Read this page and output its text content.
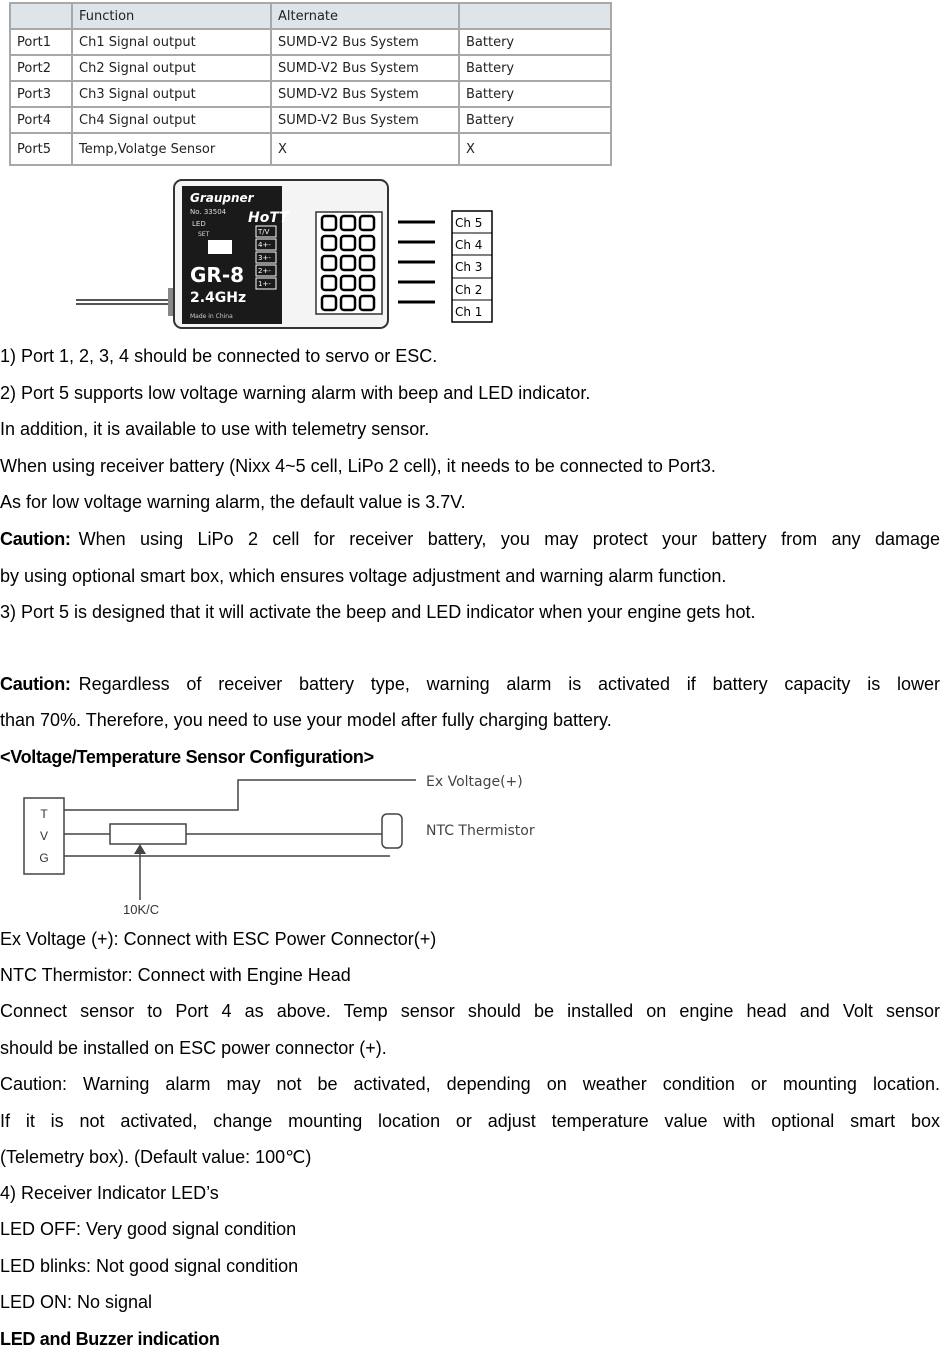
	Function	Alternate	
Port1	Ch1 Signal output	SUMD-V2 Bus System	Battery
Port2	Ch2 Signal output	SUMD-V2 Bus System	Battery
Port3	Ch3 Signal output	SUMD-V2 Bus System	Battery
Port4	Ch4 Signal output	SUMD-V2 Bus System	Battery
Port5	Temp,Volatge Sensor	X	X
Graupner
No. 33504 HoTT
LED
SET
GR-8
2.4GHz
Made in China
T/V
4+-
3+-
2+-
1+-
Ch 5
Ch 4
Ch 3
Ch 2
Ch 1
1) Port 1, 2, 3, 4 should be connected to servo or ESC.
2) Port 5 supports low voltage warning alarm with beep and LED indicator.
In addition, it is available to use with telemetry sensor.
When using receiver battery (Nixx 4~5 cell, LiPo 2 cell), it needs to be connected to Port3.
As for low voltage warning alarm, the default value is 3.7V.
Caution: When using LiPo 2 cell for receiver battery, you may protect your battery from any damage
by using optional smart box, which ensures voltage adjustment and warning alarm function.
3) Port 5 is designed that it will activate the beep and LED indicator when your engine gets hot.
Caution: Regardless of receiver battery type, warning alarm is activated if battery capacity is lower
than 70%. Therefore, you need to use your model after fully charging battery.
<Voltage/Temperature Sensor Configuration>
T
V
G
10K/C
Ex Voltage(+)
NTC Thermistor
Ex Voltage (+): Connect with ESC Power Connector(+)
NTC Thermistor: Connect with Engine Head
Connect sensor to Port 4 as above. Temp sensor should be installed on engine head and Volt sensor
should be installed on ESC power connector (+).
Caution: Warning alarm may not be activated, depending on weather condition or mounting location.
If it is not activated, change mounting location or adjust temperature value with optional smart box
(Telemetry box). (Default value: 100℃)
4) Receiver Indicator LED’s
LED OFF: Very good signal condition
LED blinks: Not good signal condition
LED ON: No signal
LED and Buzzer indication
